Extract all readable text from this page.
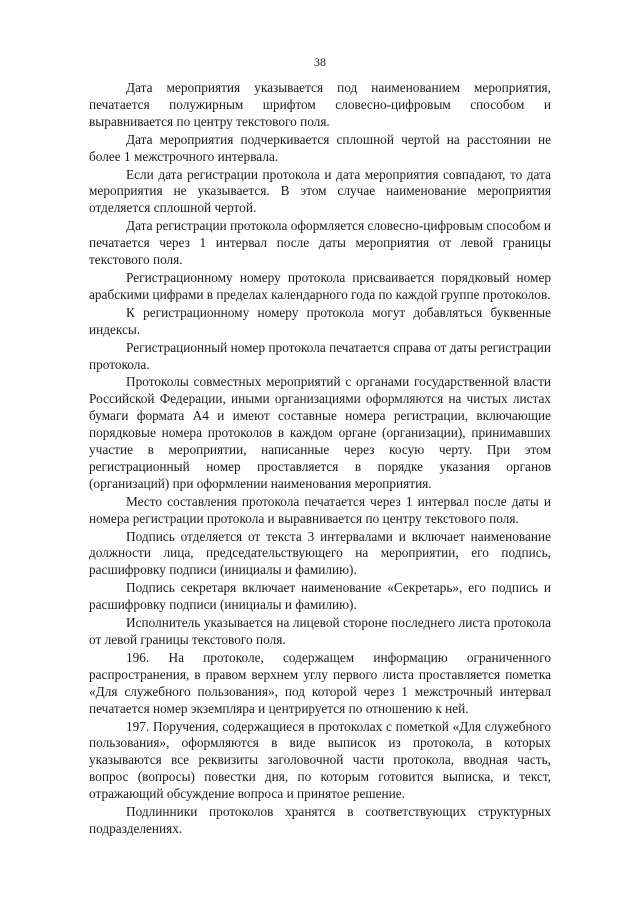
38

Дата мероприятия указывается под наименованием мероприятия, печатается полужирным шрифтом словесно-цифровым способом и выравнивается по центру текстового поля.

Дата мероприятия подчеркивается сплошной чертой на расстоянии не более 1 межстрочного интервала.

Если дата регистрации протокола и дата мероприятия совпадают, то дата мероприятия не указывается. В этом случае наименование мероприятия отделяется сплошной чертой.

Дата регистрации протокола оформляется словесно-цифровым способом и печатается через 1 интервал после даты мероприятия от левой границы текстового поля.

Регистрационному номеру протокола присваивается порядковый номер арабскими цифрами в пределах календарного года по каждой группе протоколов.

К регистрационному номеру протокола могут добавляться буквенные индексы.

Регистрационный номер протокола печатается справа от даты регистрации протокола.

Протоколы совместных мероприятий с органами государственной власти Российской Федерации, иными организациями оформляются на чистых листах бумаги формата А4 и имеют составные номера регистрации, включающие порядковые номера протоколов в каждом органе (организации), принимавших участие в мероприятии, написанные через косую черту. При этом регистрационный номер проставляется в порядке указания органов (организаций) при оформлении наименования мероприятия.

Место составления протокола печатается через 1 интервал после даты и номера регистрации протокола и выравнивается по центру текстового поля.

Подпись отделяется от текста 3 интервалами и включает наименование должности лица, председательствующего на мероприятии, его подпись, расшифровку подписи (инициалы и фамилию).

Подпись секретаря включает наименование «Секретарь», его подпись и расшифровку подписи (инициалы и фамилию).

Исполнитель указывается на лицевой стороне последнего листа протокола от левой границы текстового поля.

196. На протоколе, содержащем информацию ограниченного распространения, в правом верхнем углу первого листа проставляется пометка «Для служебного пользования», под которой через 1 межстрочный интервал печатается номер экземпляра и центрируется по отношению к ней.

197. Поручения, содержащиеся в протоколах с пометкой «Для служебного пользования», оформляются в виде выписок из протокола, в которых указываются все реквизиты заголовочной части протокола, вводная часть, вопрос (вопросы) повестки дня, по которым готовится выписка, и текст, отражающий обсуждение вопроса и принятое решение.

Подлинники протоколов хранятся в соответствующих структурных подразделениях.
